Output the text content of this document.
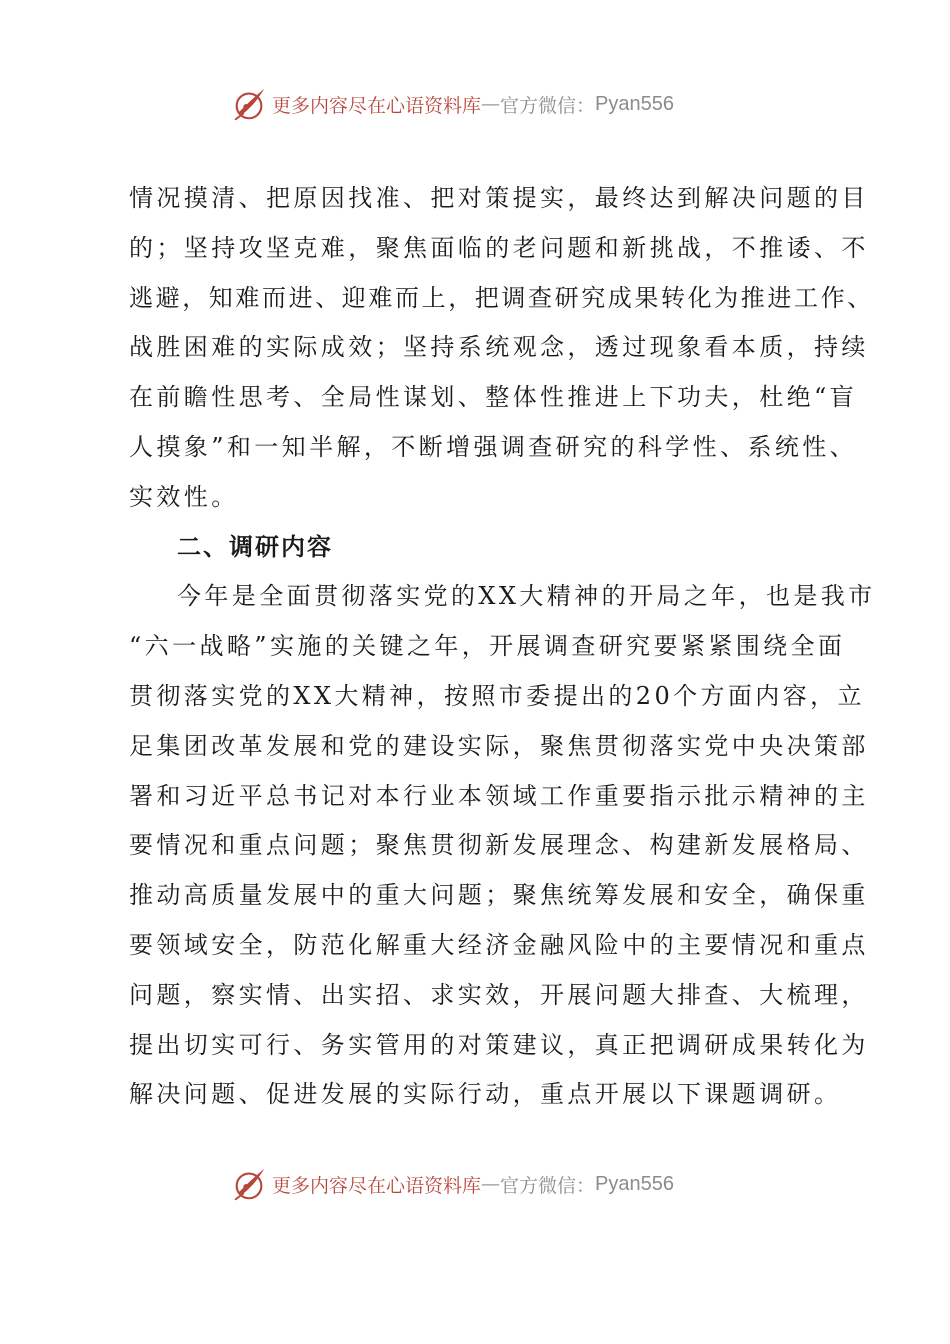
更多内容尽在心语资料库 — 官方微信： Pyan556
情况摸清、把原因找准、把对策提实，最终达到解决问题的目
的；坚持攻坚克难，聚焦面临的老问题和新挑战，不推诿、不
逃避，知难而进、迎难而上，把调查研究成果转化为推进工作、
战胜困难的实际成效；坚持系统观念，透过现象看本质，持续
在前瞻性思考、全局性谋划、整体性推进上下功夫，杜绝“盲
人摸象”和一知半解，不断增强调查研究的科学性、系统性、
实效性。
二、调研内容
今年是全面贯彻落实党的XX大精神的开局之年，也是我市
“六一战略”实施的关键之年，开展调查研究要紧紧围绕全面
贯彻落实党的XX大精神，按照市委提出的20个方面内容，立
足集团改革发展和党的建设实际，聚焦贯彻落实党中央决策部
署和习近平总书记对本行业本领域工作重要指示批示精神的主
要情况和重点问题；聚焦贯彻新发展理念、构建新发展格局、
推动高质量发展中的重大问题；聚焦统筹发展和安全，确保重
要领域安全，防范化解重大经济金融风险中的主要情况和重点
问题，察实情、出实招、求实效，开展问题大排查、大梳理，
提出切实可行、务实管用的对策建议，真正把调研成果转化为
解决问题、促进发展的实际行动，重点开展以下课题调研。
更多内容尽在心语资料库 — 官方微信： Pyan556
